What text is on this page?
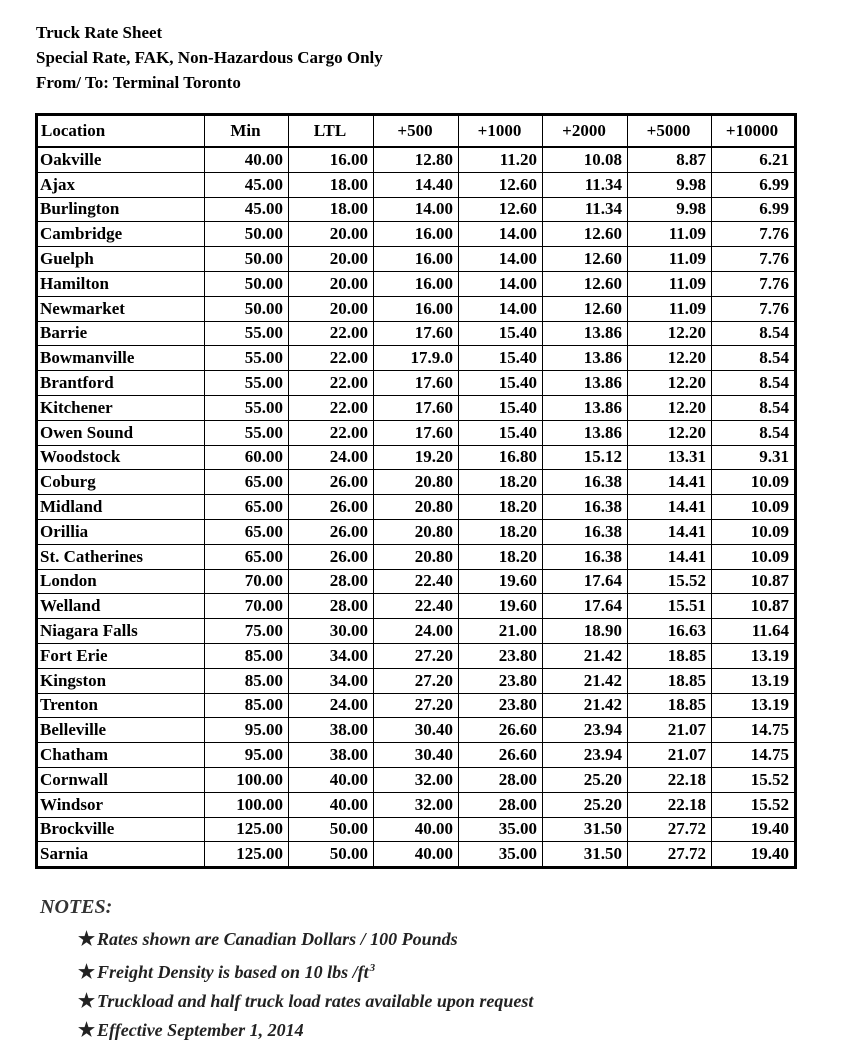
Truck Rate Sheet
Special Rate, FAK, Non-Hazardous Cargo Only
From/ To: Terminal Toronto
Location	Min	LTL	+500	+1000	+2000	+5000	+10000
Oakville	40.00	16.00	12.80	11.20	10.08	8.87	6.21
Ajax	45.00	18.00	14.40	12.60	11.34	9.98	6.99
Burlington	45.00	18.00	14.00	12.60	11.34	9.98	6.99
Cambridge	50.00	20.00	16.00	14.00	12.60	11.09	7.76
Guelph	50.00	20.00	16.00	14.00	12.60	11.09	7.76
Hamilton	50.00	20.00	16.00	14.00	12.60	11.09	7.76
Newmarket	50.00	20.00	16.00	14.00	12.60	11.09	7.76
Barrie	55.00	22.00	17.60	15.40	13.86	12.20	8.54
Bowmanville	55.00	22.00	17.9.0	15.40	13.86	12.20	8.54
Brantford	55.00	22.00	17.60	15.40	13.86	12.20	8.54
Kitchener	55.00	22.00	17.60	15.40	13.86	12.20	8.54
Owen Sound	55.00	22.00	17.60	15.40	13.86	12.20	8.54
Woodstock	60.00	24.00	19.20	16.80	15.12	13.31	9.31
Coburg	65.00	26.00	20.80	18.20	16.38	14.41	10.09
Midland	65.00	26.00	20.80	18.20	16.38	14.41	10.09
Orillia	65.00	26.00	20.80	18.20	16.38	14.41	10.09
St. Catherines	65.00	26.00	20.80	18.20	16.38	14.41	10.09
London	70.00	28.00	22.40	19.60	17.64	15.52	10.87
Welland	70.00	28.00	22.40	19.60	17.64	15.51	10.87
Niagara Falls	75.00	30.00	24.00	21.00	18.90	16.63	11.64
Fort Erie	85.00	34.00	27.20	23.80	21.42	18.85	13.19
Kingston	85.00	34.00	27.20	23.80	21.42	18.85	13.19
Trenton	85.00	24.00	27.20	23.80	21.42	18.85	13.19
Belleville	95.00	38.00	30.40	26.60	23.94	21.07	14.75
Chatham	95.00	38.00	30.40	26.60	23.94	21.07	14.75
Cornwall	100.00	40.00	32.00	28.00	25.20	22.18	15.52
Windsor	100.00	40.00	32.00	28.00	25.20	22.18	15.52
Brockville	125.00	50.00	40.00	35.00	31.50	27.72	19.40
Sarnia	125.00	50.00	40.00	35.00	31.50	27.72	19.40
NOTES:
★ Rates shown are Canadian Dollars / 100 Pounds
★ Freight Density is based on 10 lbs $/ft^3$
★ Truckload and half truck load rates available upon request
★ Effective September 1, 2014
